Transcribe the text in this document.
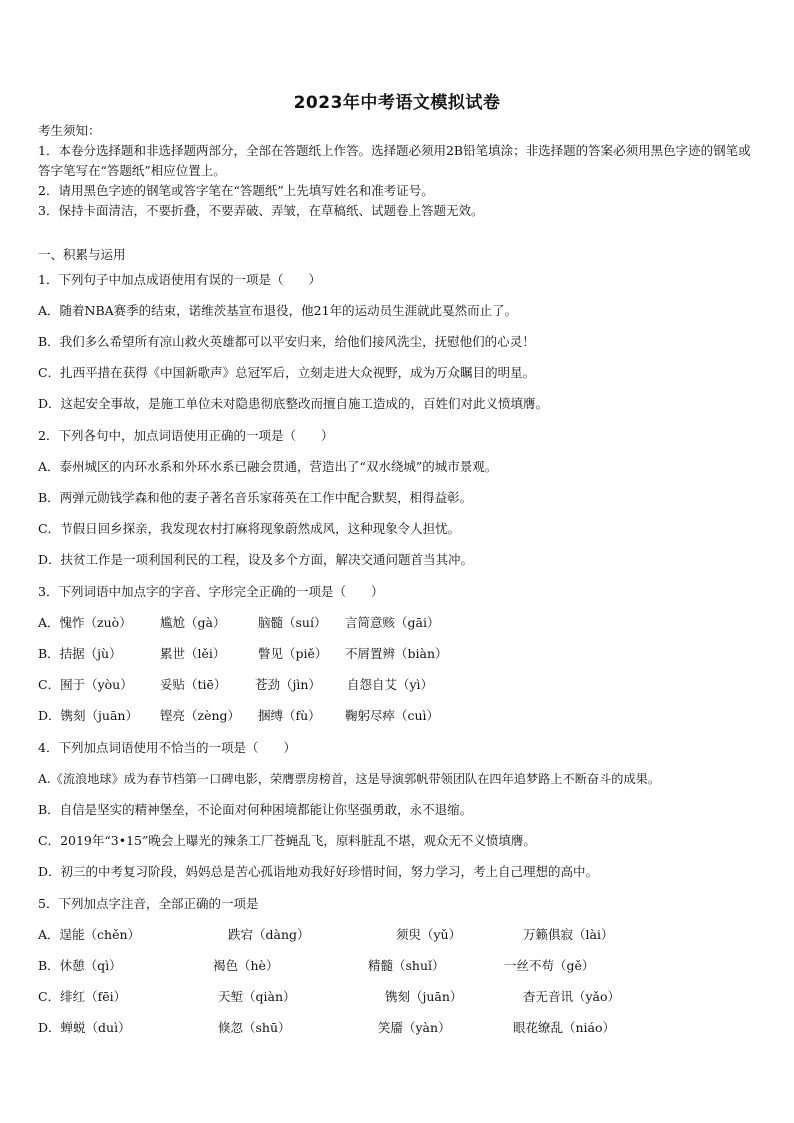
2023年中考语文模拟试卷
考生须知：
1．本卷分选择题和非选择题两部分，全部在答题纸上作答。选择题必须用2B铅笔填涂；非选择题的答案必须用黑色字迹的钢笔或答字笔写在“答题纸”相应位置上。
2．请用黑色字迹的钢笔或答字笔在“答题纸”上先填写姓名和准考证号。
3．保持卡面清洁，不要折叠，不要弄破、弄皱，在草稿纸、试题卷上答题无效。
一、积累与运用
1．下列句子中加点成语使用有误的一项是（　　）
A．随着NBA赛季的结束，诺维茨基宣布退役，他21年的运动员生涯就此戛然而止了。
B．我们多么希望所有凉山救火英雄都可以平安归来，给他们接风洗尘，抚慰他们的心灵！
C．扎西平措在获得《中国新歌声》总冠军后，立刻走进大众视野，成为万众瞩目的明星。
D．这起安全事故，是施工单位未对隐患彻底整改而擅自施工造成的，百姓们对此义愤填膺。
2．下列各句中，加点词语使用正确的一项是（　　）
A．泰州城区的内环水系和外环水系已融会贯通，营造出了“双水绕城”的城市景观。
B．两弹元勋钱学森和他的妻子著名音乐家蒋英在工作中配合默契，相得益彰。
C．节假日回乡探亲，我发现农村打麻将现象蔚然成风，这种现象令人担忧。
D．扶贫工作是一项利国利民的工程，设及多个方面，解决交通问题首当其冲。
3．下列词语中加点字的字音、字形完全正确的一项是（　　）
A．愧怍（zuò） 尴尬（gà）	脑髓（suí） 言简意赅（gāi）
B．拮据（jù）	累世（lěi）	瞥见（piě） 不屑置辨（biàn）
C．囿于（yòu） 妥贴（tiē） 苍劲（jìn） 自怨自艾（yì）
D．镌刻（juān） 铿亮（zèng） 捆缚（fù） 鞠躬尽瘁（cuì）
4．下列加点词语使用不恰当的一项是（　　）
A.《流浪地球》成为春节档第一口碑电影，荣膺票房榜首，这是导演郭帆带领团队在四年追梦路上不断奋斗的成果。
B．自信是坚实的精神堡垒，不论面对何种困境都能让你坚强勇敢，永不退缩。
C．2019年“3•15”晚会上曝光的辣条工厂苍蝇乱飞，原料脏乱不堪，观众无不义愤填膺。
D．初三的中考复习阶段，妈妈总是苦心孤诣地劝我好好珍惜时间，努力学习，考上自己理想的高中。
5．下列加点字注音，全部正确的一项是
A．逞能（chěn）	跌宕（dàng）	须臾（yǔ）	万籁俱寂（lài）
B．休憩（qì）	褐色（hè）	精髓（shuǐ）	一丝不苟（gě）
C．绯红（fēi）	天堑（qiàn）	镌刻（juān）	杳无音讯（yǎo）
D．蝉蜕（duì）	倏忽（shū）	笑靥（yàn）	眼花缭乱（niáo）
